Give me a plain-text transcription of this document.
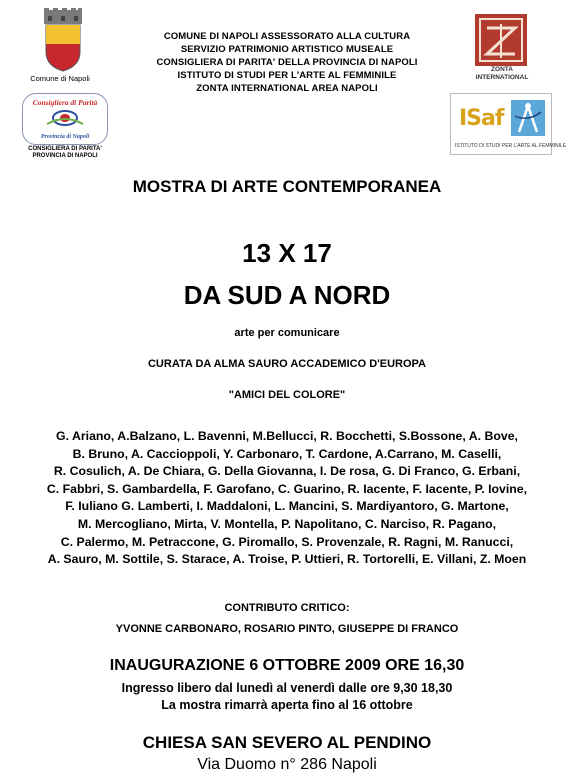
Comune di Napoli
Consigliera di Parità
Provincia di Napoli
CONSIGLIERA DI PARITA'
PROVINCIA DI NAPOLI
ZONTA
INTERNATIONAL
ISaf
ISTITUTO DI STUDI PER L'ARTE AL FEMMINILE
COMUNE DI NAPOLI ASSESSORATO ALLA CULTURA
SERVIZIO PATRIMONIO ARTISTICO MUSEALE
CONSIGLIERA DI PARITA' DELLA PROVINCIA DI NAPOLI
ISTITUTO DI STUDI PER L'ARTE AL FEMMINILE
ZONTA INTERNATIONAL AREA NAPOLI
MOSTRA DI ARTE CONTEMPORANEA
13 X 17
DA SUD A NORD
arte per comunicare
CURATA DA ALMA SAURO ACCADEMICO D'EUROPA
"AMICI DEL COLORE"
G. Ariano, A.Balzano, L. Bavenni, M.Bellucci, R. Bocchetti, S.Bossone, A. Bove,
B. Bruno, A. Caccioppoli, Y. Carbonaro, T. Cardone, A.Carrano, M. Caselli,
R. Cosulich, A. De Chiara, G. Della Giovanna, I. De rosa, G. Di Franco, G. Erbani,
C. Fabbri, S. Gambardella, F. Garofano, C. Guarino, R. Iacente, F. Iacente, P. Iovine,
F. Iuliano G. Lamberti, I. Maddaloni, L. Mancini, S. Mardiyantoro, G. Martone,
M. Mercogliano, Mirta, V. Montella, P. Napolitano, C. Narciso, R. Pagano,
C. Palermo, M. Petraccone, G. Piromallo, S. Provenzale, R. Ragni, M. Ranucci,
A. Sauro, M. Sottile, S. Starace, A. Troise, P. Uttieri, R. Tortorelli, E. Villani, Z. Moen
CONTRIBUTO CRITICO:
YVONNE CARBONARO, ROSARIO PINTO, GIUSEPPE DI FRANCO
INAUGURAZIONE 6 OTTOBRE 2009 ORE 16,30
Ingresso libero dal lunedì al venerdì dalle ore 9,30 18,30
La mostra rimarrà aperta fino al 16 ottobre
CHIESA SAN SEVERO AL PENDINO
Via Duomo n° 286 Napoli
